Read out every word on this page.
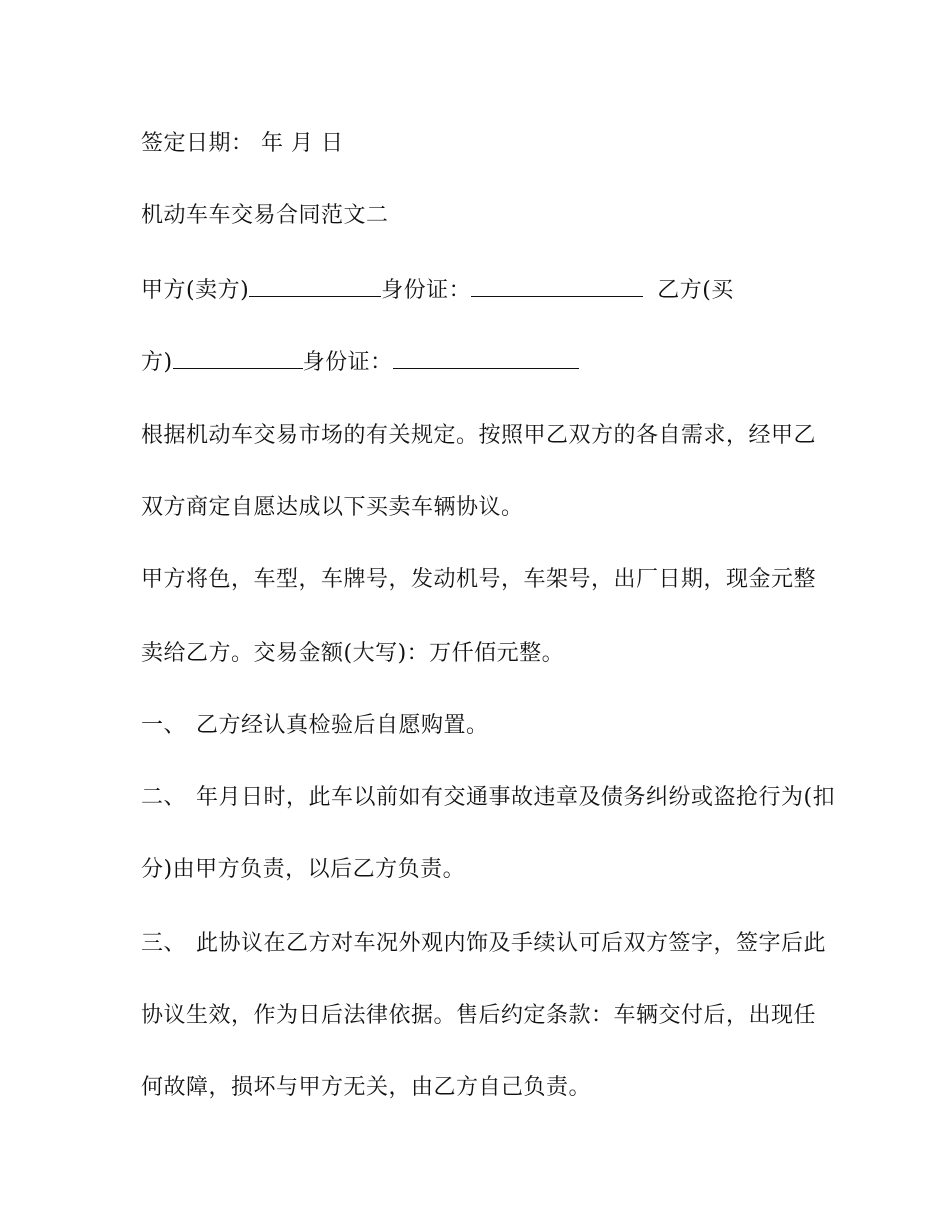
签定日期： 年 月 日
机动车车交易合同范文二
甲方(卖方)	身份证：	乙方(买
方)	身份证：
根据机动车交易市场的有关规定。按照甲乙双方的各自需求，经甲乙
双方商定自愿达成以下买卖车辆协议。
甲方将色，车型，车牌号，发动机号，车架号，出厂日期，现金元整
卖给乙方。交易金额(大写)：万仟佰元整。
一、 乙方经认真检验后自愿购置。
二、 年月日时，此车以前如有交通事故违章及债务纠纷或盗抢行为(扣
分)由甲方负责，以后乙方负责。
三、 此协议在乙方对车况外观内饰及手续认可后双方签字，签字后此
协议生效，作为日后法律依据。售后约定条款：车辆交付后，出现任
何故障，损坏与甲方无关，由乙方自己负责。
